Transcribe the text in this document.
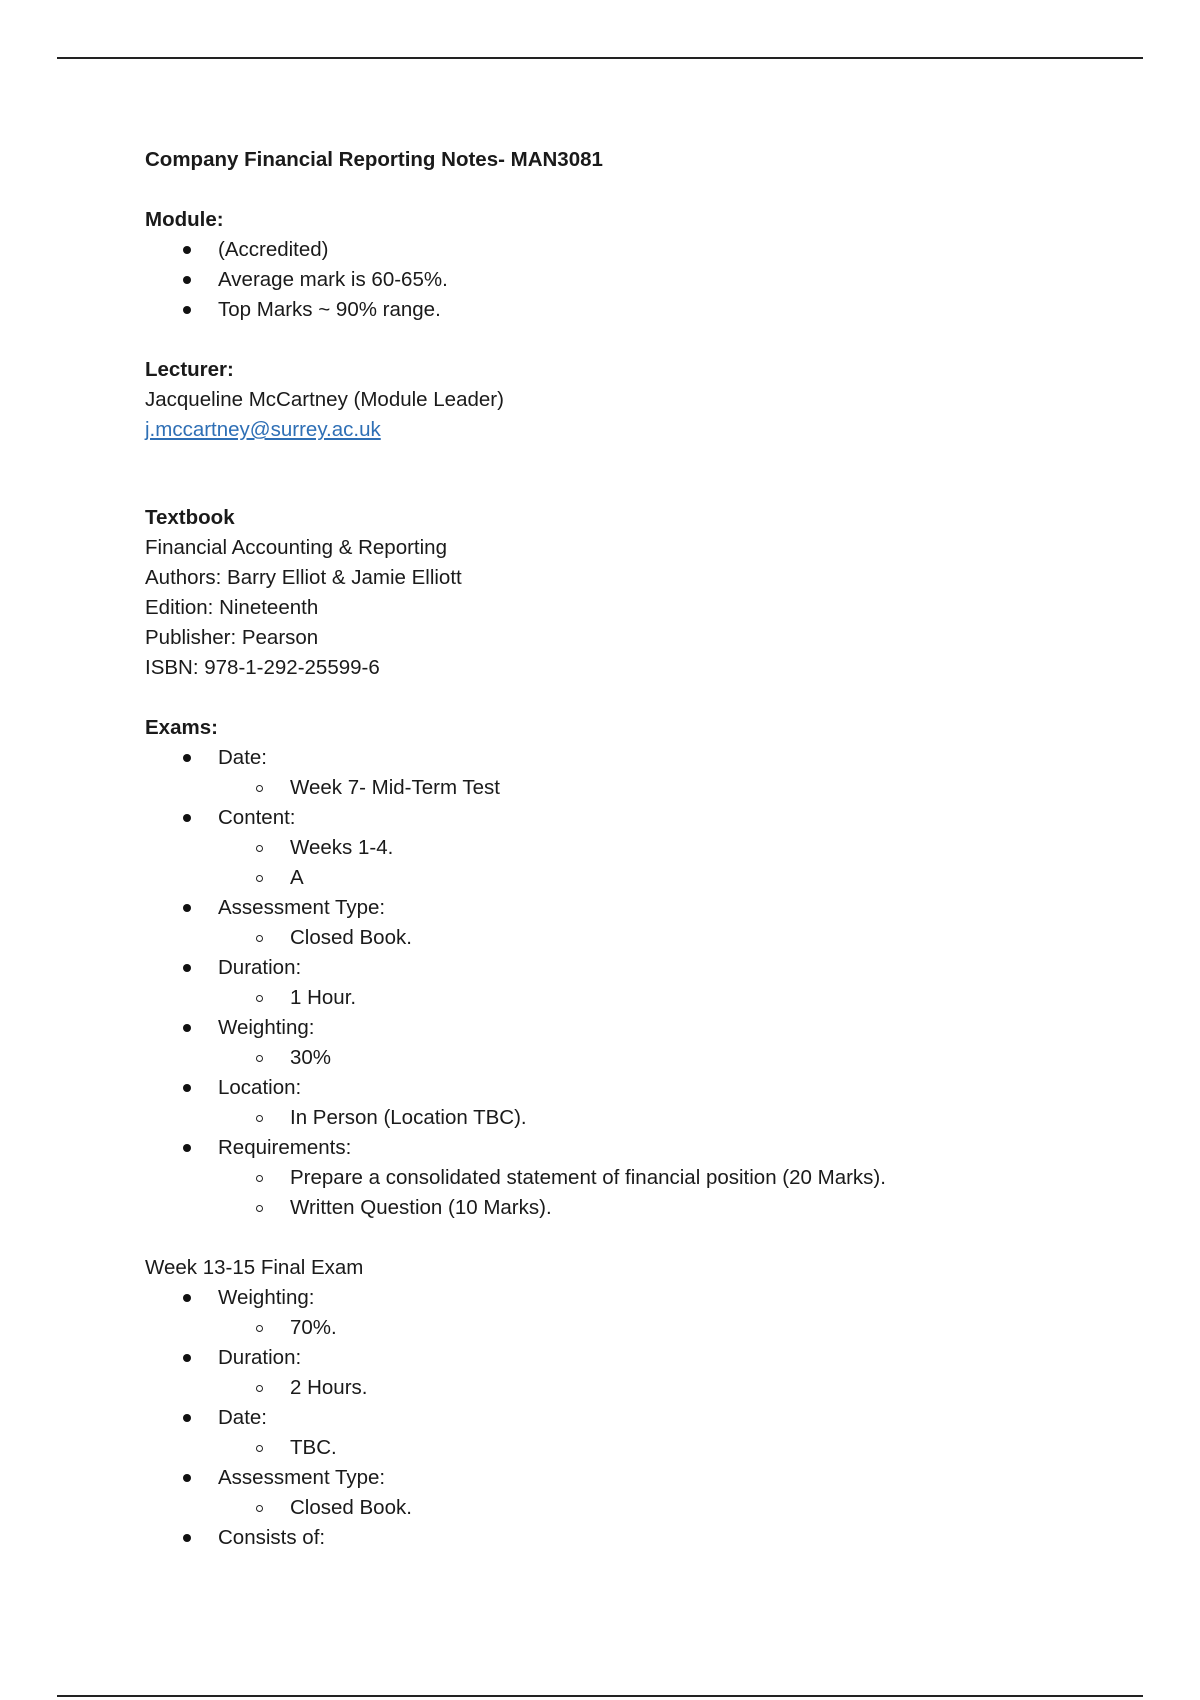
Company Financial Reporting Notes- MAN3081
Module:
(Accredited)
Average mark is 60-65%.
Top Marks ~ 90% range.
Lecturer:
Jacqueline McCartney (Module Leader)
j.mccartney@surrey.ac.uk
Textbook
Financial Accounting & Reporting
Authors: Barry Elliot & Jamie Elliott
Edition: Nineteenth
Publisher: Pearson
ISBN: 978-1-292-25599-6
Exams:
Date:
Week 7- Mid-Term Test
Content:
Weeks 1-4.
A
Assessment Type:
Closed Book.
Duration:
1 Hour.
Weighting:
30%
Location:
In Person (Location TBC).
Requirements:
Prepare a consolidated statement of financial position (20 Marks).
Written Question (10 Marks).
Week 13-15 Final Exam
Weighting:
70%.
Duration:
2 Hours.
Date:
TBC.
Assessment Type:
Closed Book.
Consists of:
